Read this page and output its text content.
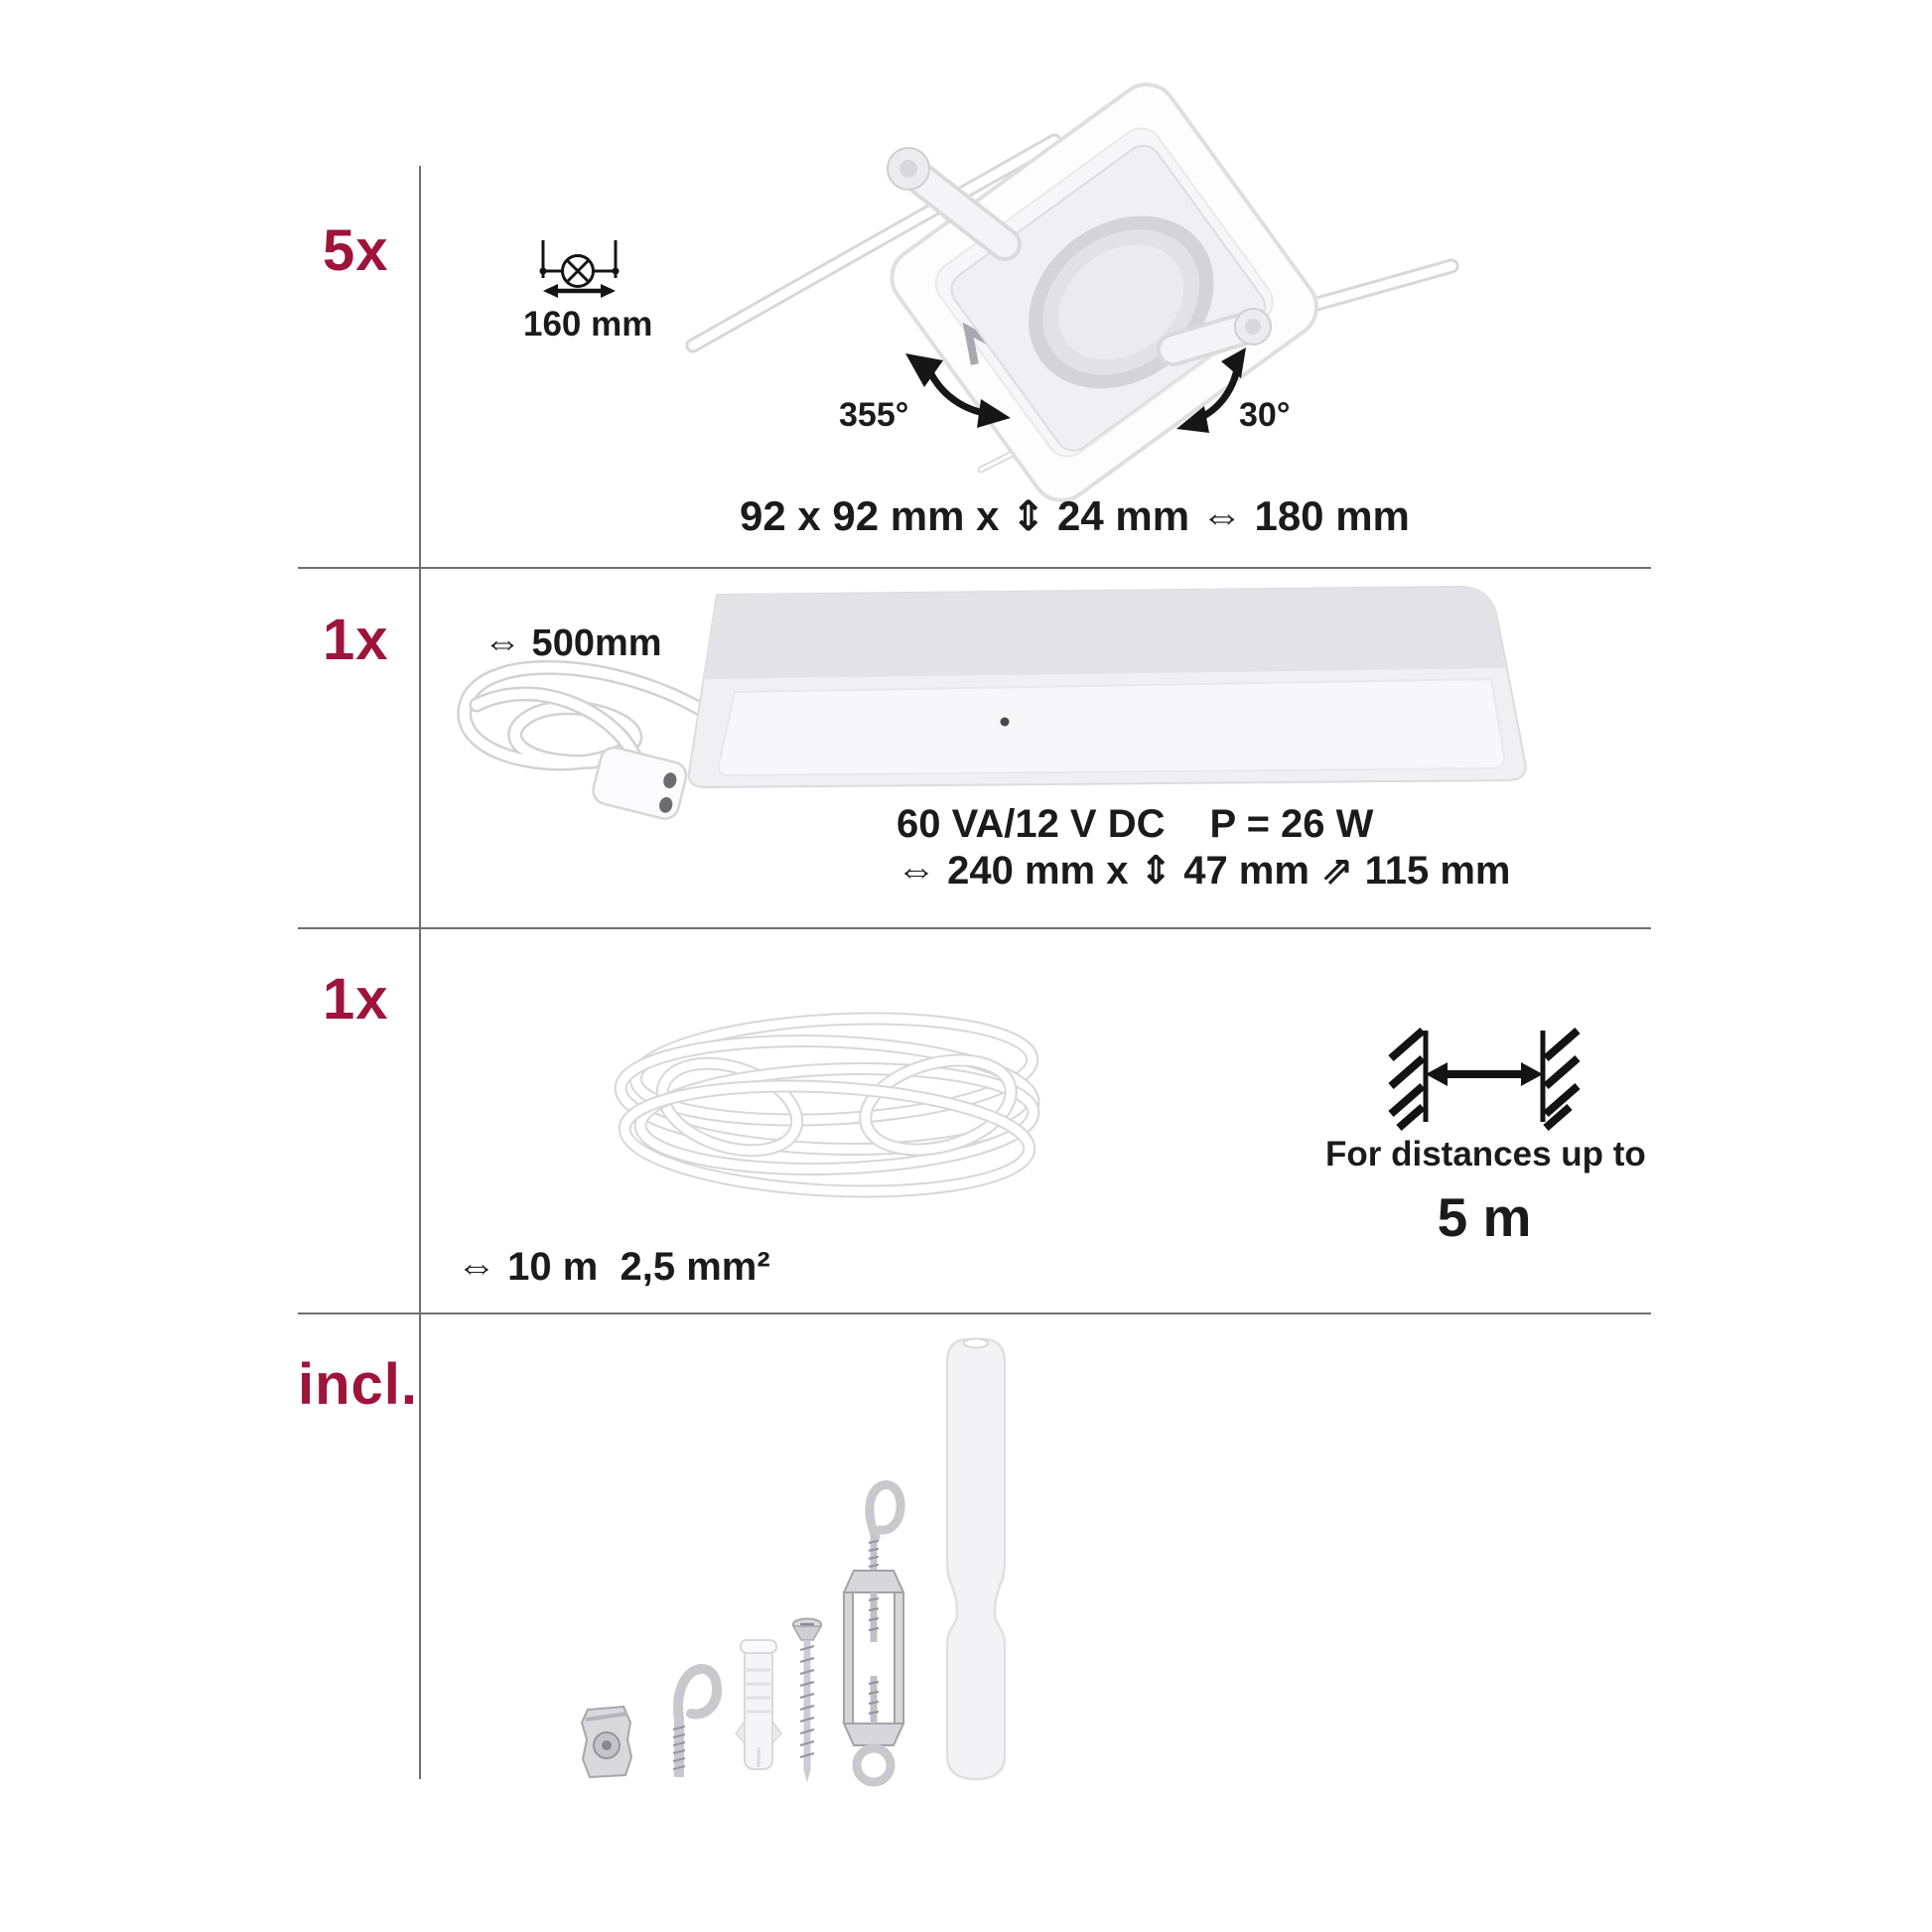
5x
160 mm
355°	30°
92 x 92 mm x ⇕ 24 mm ⇔ 180 mm
1x	⇔ 500mm
60 VA/12 V DC P = 26 W
⇔ 240 mm x ⇕ 47 mm ⇗ 115 mm
1x
For distances up to
5 m
⇔ 10 m  2,5 mm²
incl.
